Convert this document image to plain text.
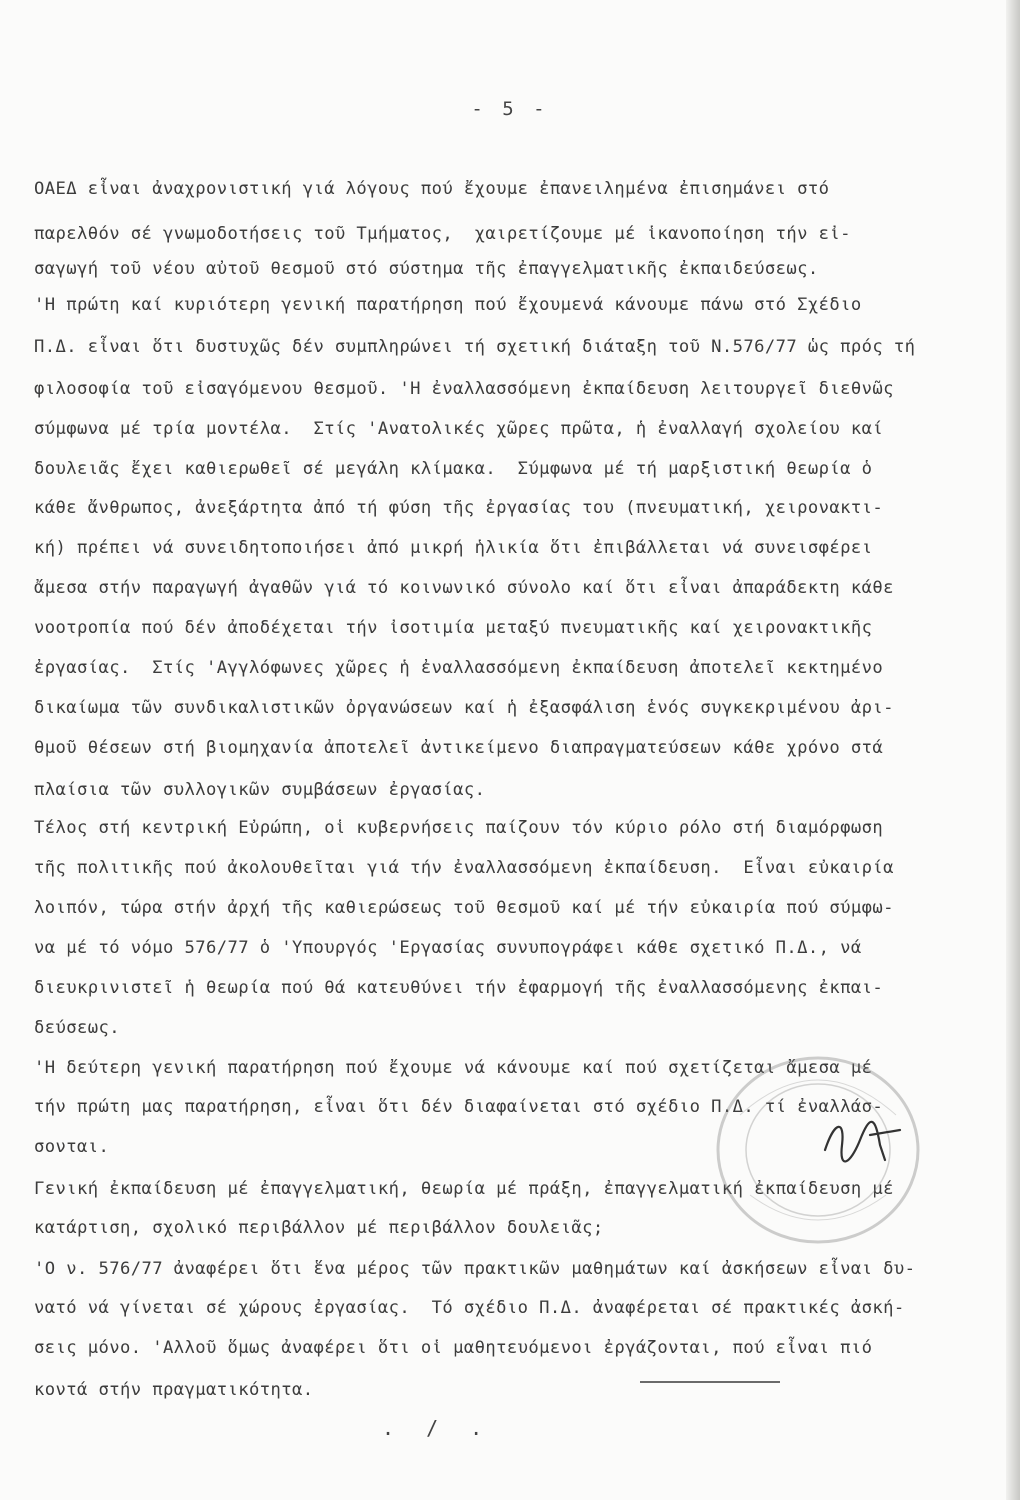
- 5 -
ΟΑΕΔ εἶναι ἀναχρονιστική γιά λόγους πού ἔχουμε ἐπανειλημένα ἐπισημάνει στό
παρελθόν σέ γνωμοδοτήσεις τοῦ Τμήματος,  χαιρετίζουμε μέ ἱκανοποίηση τήν εἰ-
σαγωγή τοῦ νέου αὐτοῦ θεσμοῦ στό σύστημα τῆς ἐπαγγελματικῆς ἐκπαιδεύσεως.
'Η πρώτη καί κυριότερη γενική παρατήρηση πού ἔχουμενά κάνουμε πάνω στό Σχέδιο
Π.Δ. εἶναι ὅτι δυστυχῶς δέν συμπληρώνει τή σχετική διάταξη τοῦ Ν.576/77 ὡς πρός τή
φιλοσοφία τοῦ εἰσαγόμενου θεσμοῦ. 'Η ἐναλλασσόμενη ἐκπαίδευση λειτουργεῖ διεθνῶς
σύμφωνα μέ τρία μοντέλα.  Στίς 'Ανατολικές χῶρες πρῶτα, ἡ ἐναλλαγή σχολείου καί
δουλειᾶς ἔχει καθιερωθεῖ σέ μεγάλη κλίμακα.  Σύμφωνα μέ τή μαρξιστική θεωρία ὁ
κάθε ἄνθρωπος, ἀνεξάρτητα ἀπό τή φύση τῆς ἐργασίας του (πνευματική, χειρονακτι-
κή) πρέπει νά συνειδητοποιήσει ἀπό μικρή ἡλικία ὅτι ἐπιβάλλεται νά συνεισφέρει
ἄμεσα στήν παραγωγή ἀγαθῶν γιά τό κοινωνικό σύνολο καί ὅτι εἶναι ἀπαράδεκτη κάθε
νοοτροπία πού δέν ἀποδέχεται τήν ἰσοτιμία μεταξύ πνευματικῆς καί χειρονακτικῆς
ἐργασίας.  Στίς 'Αγγλόφωνες χῶρες ἡ ἐναλλασσόμενη ἐκπαίδευση ἀποτελεῖ κεκτημένο
δικαίωμα τῶν συνδικαλιστικῶν ὀργανώσεων καί ἡ ἐξασφάλιση ἑνός συγκεκριμένου ἀρι-
θμοῦ θέσεων στή βιομηχανία ἀποτελεῖ ἀντικείμενο διαπραγματεύσεων κάθε χρόνο στά
πλαίσια τῶν συλλογικῶν συμβάσεων ἐργασίας.
Τέλος στή κεντρική Εὐρώπη, οἱ κυβερνήσεις παίζουν τόν κύριο ρόλο στή διαμόρφωση
τῆς πολιτικῆς πού ἀκολουθεῖται γιά τήν ἐναλλασσόμενη ἐκπαίδευση.  Εἶναι εὐκαιρία
λοιπόν, τώρα στήν ἀρχή τῆς καθιερώσεως τοῦ θεσμοῦ καί μέ τήν εὐκαιρία πού σύμφω-
να μέ τό νόμο 576/77 ὁ 'Υπουργός 'Εργασίας συνυπογράφει κάθε σχετικό Π.Δ., νά
διευκρινιστεῖ ἡ θεωρία πού θά κατευθύνει τήν ἐφαρμογή τῆς ἐναλλασσόμενης ἐκπαι-
δεύσεως.
'Η δεύτερη γενική παρατήρηση πού ἔχουμε νά κάνουμε καί πού σχετίζεται ἄμεσα μέ
τήν πρώτη μας παρατήρηση, εἶναι ὅτι δέν διαφαίνεται στό σχέδιο Π.Δ. τί ἐναλλάσ-
σονται.
Γενική ἐκπαίδευση μέ ἐπαγγελματική, θεωρία μέ πράξη, ἐπαγγελματική ἐκπαίδευση μέ
κατάρτιση, σχολικό περιβάλλον μέ περιβάλλον δουλειᾶς;
'Ο ν. 576/77 ἀναφέρει ὅτι ἕνα μέρος τῶν πρακτικῶν μαθημάτων καί ἀσκήσεων εἶναι δυ-
νατό νά γίνεται σέ χώρους ἐργασίας.  Τό σχέδιο Π.Δ. ἀναφέρεται σέ πρακτικές ἀσκή-
σεις μόνο. 'Αλλοῦ ὅμως ἀναφέρει ὅτι οἱ μαθητευόμενοι ἐργάζονται, πού εἶναι πιό
κοντά στήν πραγματικότητα.
. / .
